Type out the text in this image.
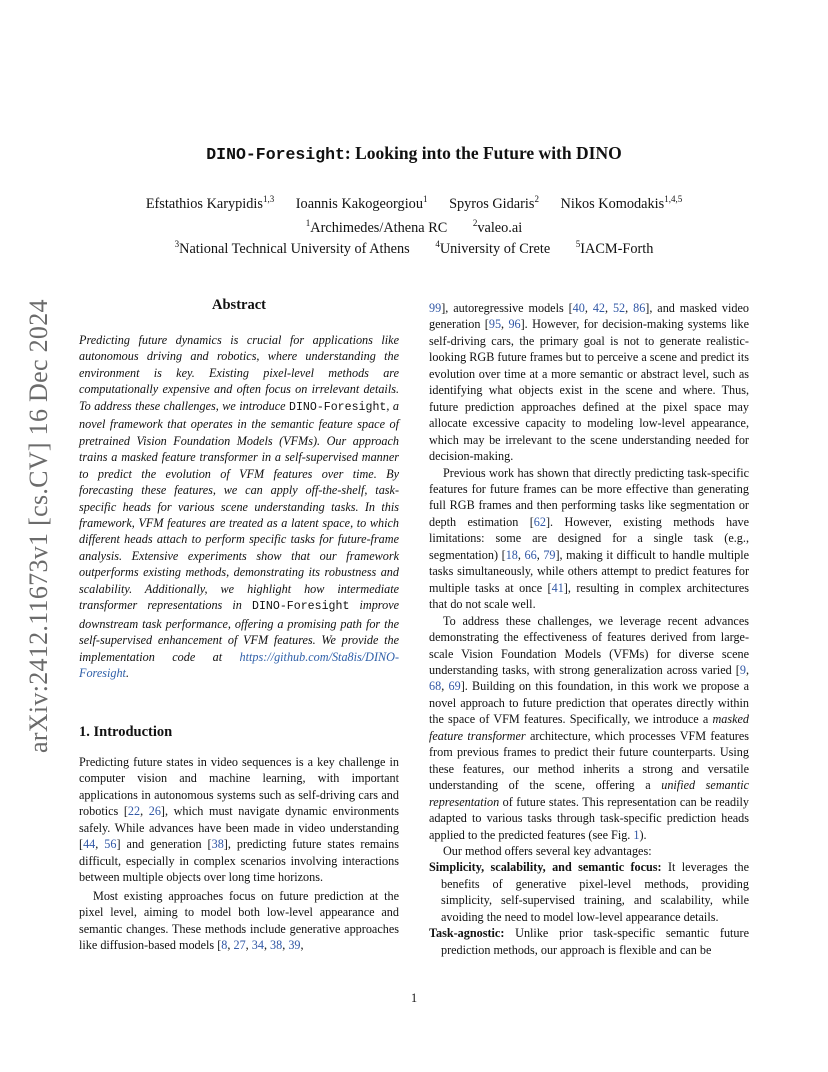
arXiv:2412.11673v1 [cs.CV] 16 Dec 2024
DINO-Foresight: Looking into the Future with DINO
Efstathios Karypidis$^{1,3}$ Ioannis Kakogeorgiou$^1$ Spyros Gidaris$^2$ Nikos Komodakis$^{1,4,5}$
$^1$Archimedes/Athena RC	$^2$valeo.ai
$^3$National Technical University of Athens	$^4$University of Crete	$^5$IACM-Forth
Abstract
Predicting future dynamics is crucial for applications like autonomous driving and robotics, where understanding the environment is key. Existing pixel-level methods are computationally expensive and often focus on irrelevant details. To address these challenges, we introduce DINO-Foresight, a novel framework that operates in the semantic feature space of pretrained Vision Foundation Models (VFMs). Our approach trains a masked feature transformer in a self-supervised manner to predict the evolution of VFM features over time. By forecasting these features, we can apply off-the-shelf, task-specific heads for various scene understanding tasks. In this framework, VFM features are treated as a latent space, to which different heads attach to perform specific tasks for future-frame analysis. Extensive experiments show that our framework outperforms existing methods, demonstrating its robustness and scalability. Additionally, we highlight how intermediate transformer representations in DINO-Foresight improve downstream task performance, offering a promising path for the self-supervised enhancement of VFM features. We provide the implementation code at https://github.com/Sta8is/DINO-Foresight.
1. Introduction

Predicting future states in video sequences is a key challenge in computer vision and machine learning, with important applications in autonomous systems such as self-driving cars and robotics [22, 26], which must navigate dynamic environments safely. While advances have been made in video understanding [44, 56] and generation [38], predicting future states remains difficult, especially in complex scenarios involving interactions between multiple objects over long time horizons.

Most existing approaches focus on future prediction at the pixel level, aiming to model both low-level appearance and semantic changes. These methods include generative approaches like diffusion-based models [8, 27, 34, 38, 39,

99], autoregressive models [40, 42, 52, 86], and masked video generation [95, 96]. However, for decision-making systems like self-driving cars, the primary goal is not to generate realistic-looking RGB future frames but to perceive a scene and predict its evolution over time at a more semantic or abstract level, such as identifying what objects exist in the scene and where. Thus, future prediction approaches defined at the pixel space may allocate excessive capacity to modeling low-level appearance, which may be irrelevant to the scene understanding needed for decision-making.

Previous work has shown that directly predicting task-specific features for future frames can be more effective than generating full RGB frames and then performing tasks like segmentation or depth estimation [62]. However, existing methods have limitations: some are designed for a single task (e.g., segmentation) [18, 66, 79], making it difficult to handle multiple tasks simultaneously, while others attempt to predict features for multiple tasks at once [41], resulting in complex architectures that do not scale well.

To address these challenges, we leverage recent advances demonstrating the effectiveness of features derived from large-scale Vision Foundation Models (VFMs) for diverse scene understanding tasks, with strong generalization across varied [9, 68, 69]. Building on this foundation, in this work we propose a novel approach to future prediction that operates directly within the space of VFM features. Specifically, we introduce a masked feature transformer architecture, which processes VFM features from previous frames to predict their future counterparts. Using these features, our method inherits a strong and versatile understanding of the scene, offering a unified semantic representation of future states. This representation can be readily adapted to various tasks through task-specific prediction heads applied to the predicted features (see Fig. 1).

Our method offers several key advantages:

Simplicity, scalability, and semantic focus: It leverages the benefits of generative pixel-level methods, providing simplicity, self-supervised training, and scalability, while avoiding the need to model low-level appearance details.

Task-agnostic: Unlike prior task-specific semantic future prediction methods, our approach is flexible and can be

1
